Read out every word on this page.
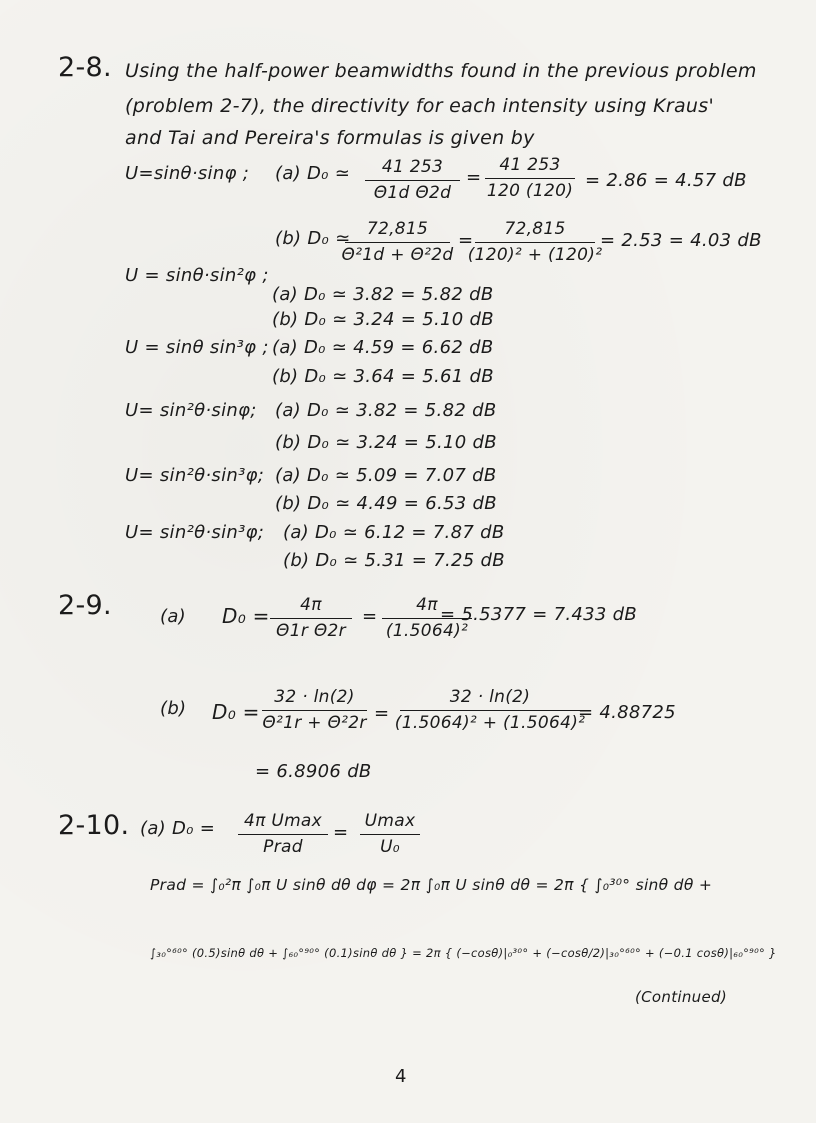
2-8. Using the half-power beamwidths found in the previous problem
(problem 2-7), the directivity for each intensity using Kraus'
and Tai and Pereira's formulas is given by
U=sinθ·sinφ ; (a) D₀ ≃ 41 253
Θ1d Θ2d
=
41 253
120 (120) = 2.86 = 4.57 dB
(b) D₀ ≃ 72,815
Θ²1d + Θ²2d
=
72,815
(120)² + (120)²
= 2.53 = 4.03 dB
U = sinθ·sin²φ ;
(a) D₀ ≃ 3.82 = 5.82 dB
(b) D₀ ≃ 3.24 = 5.10 dB
U = sinθ sin³φ ; (a) D₀ ≃ 4.59 = 6.62 dB
(b) D₀ ≃ 3.64 = 5.61 dB
U= sin²θ·sinφ; (a) D₀ ≃ 3.82 = 5.82 dB
(b) D₀ ≃ 3.24 = 5.10 dB
U= sin²θ·sin³φ; (a) D₀ ≃ 5.09 = 7.07 dB
(b) D₀ ≃ 4.49 = 6.53 dB
U= sin²θ·sin³φ; (a) D₀ ≃ 6.12 = 7.87 dB
(b) D₀ ≃ 5.31 = 7.25 dB
2-9.	(a) D₀ = 4π
Θ1r Θ2r
=
4π
(1.5064)²
= 5.5377 = 7.433 dB
(b) D₀ =
32 · ln(2)
Θ²1r + Θ²2r =
32 · ln(2)
(1.5064)² + (1.5064)²
= 4.88725
= 6.8906 dB
2-10. (a) D₀ = 4π Umax
Prad
=
Umax
U₀
Prad = ∫₀²π ∫₀π U sinθ dθ dφ = 2π ∫₀π U sinθ dθ = 2π { ∫₀³⁰° sinθ dθ +
∫₃₀°⁶⁰° (0.5)sinθ dθ + ∫₆₀°⁹⁰° (0.1)sinθ dθ } = 2π { (−cosθ)|₀³⁰° + (−cosθ/2)|₃₀°⁶⁰° + (−0.1 cosθ)|₆₀°⁹⁰° }
(Continued)
4
